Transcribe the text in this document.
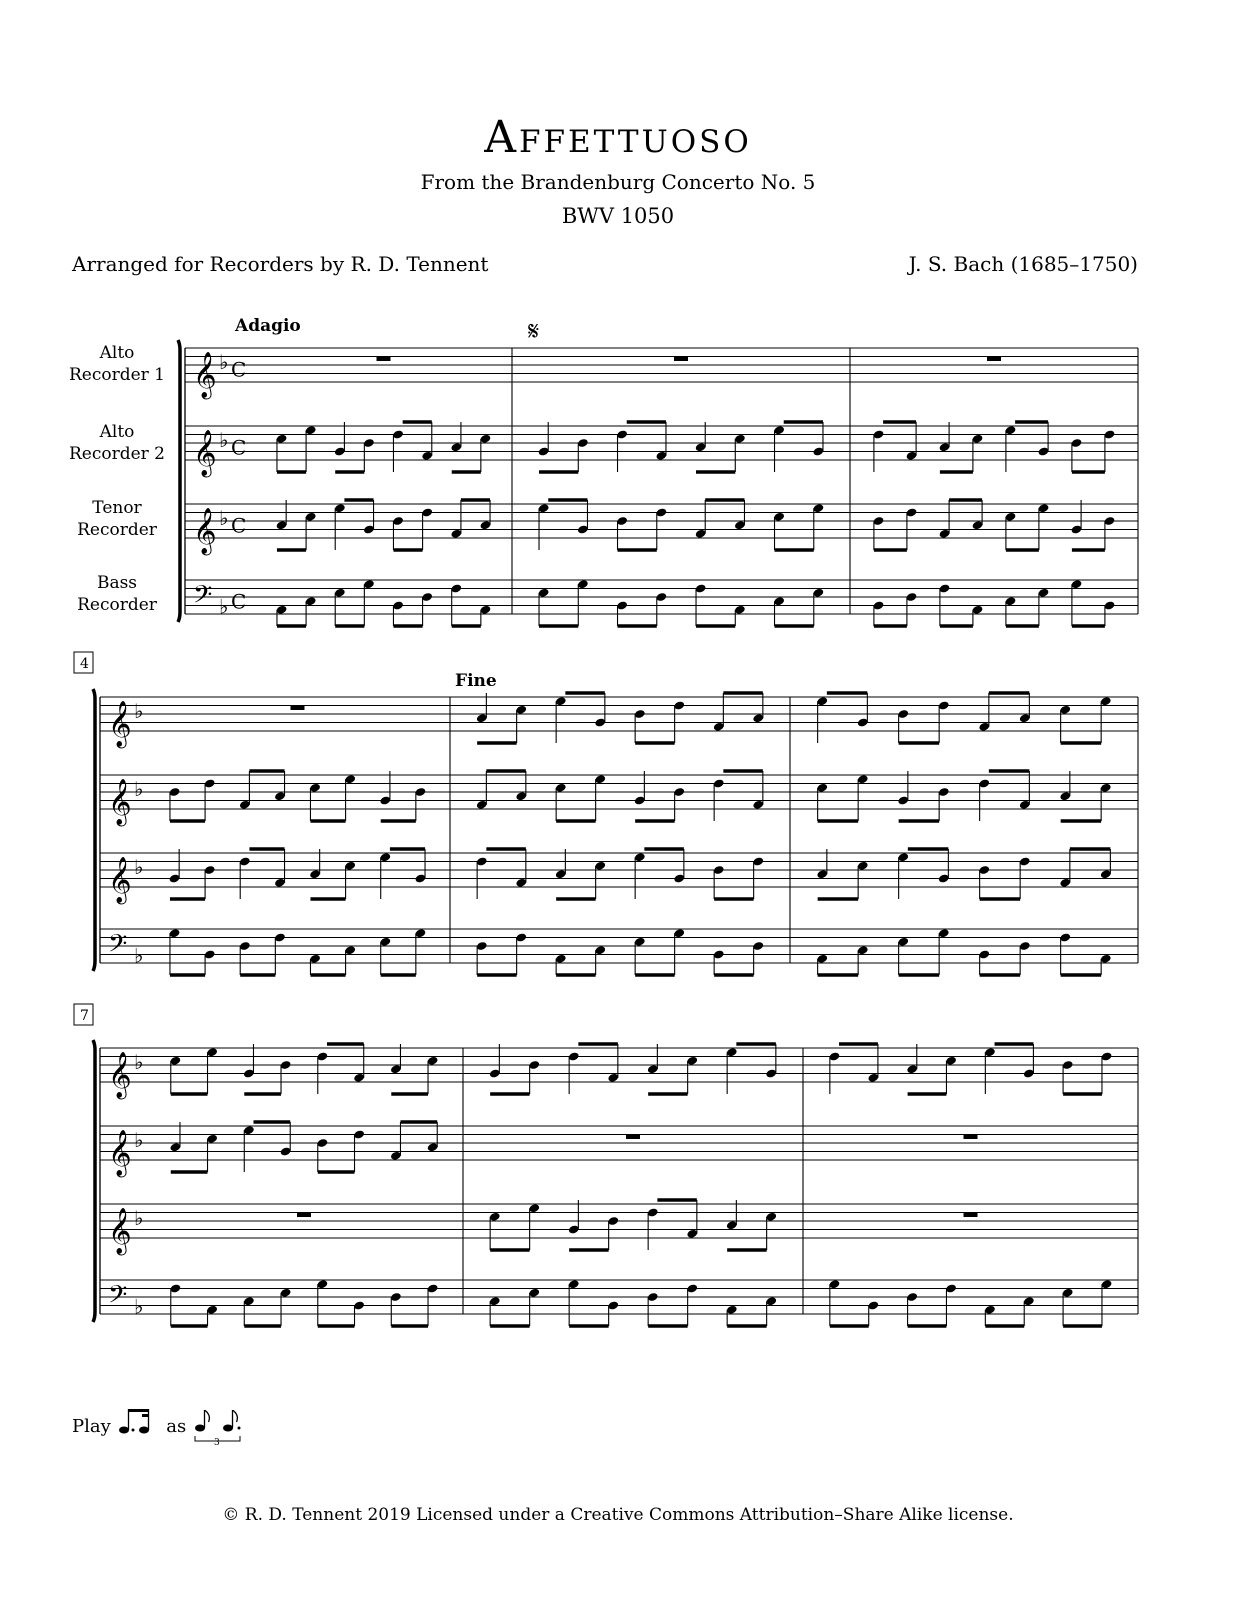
Affettuoso
From the Brandenburg Concerto No. 5
BWV 1050
Arranged for Recorders by R. D. Tennent	J. S. Bach (1685–1750)
Alto
Recorder 1
Alto
Recorder 2
Tenor
Recorder
Bass
Recorder
𝄞 ♭ C
𝄞 ♭ C
𝄞 ♭ C
𝄢 ♭ C
𝄞 ♭
𝄞 ♭
𝄞 ♭
𝄢 ♭
𝄞 ♭
𝄞 ♭
𝄞 ♭
𝄢 ♭
Adagio	𝄋
Fine
4
7
Play	as
3
© R. D. Tennent 2019 Licensed under a Creative Commons Attribution–Share Alike license.
